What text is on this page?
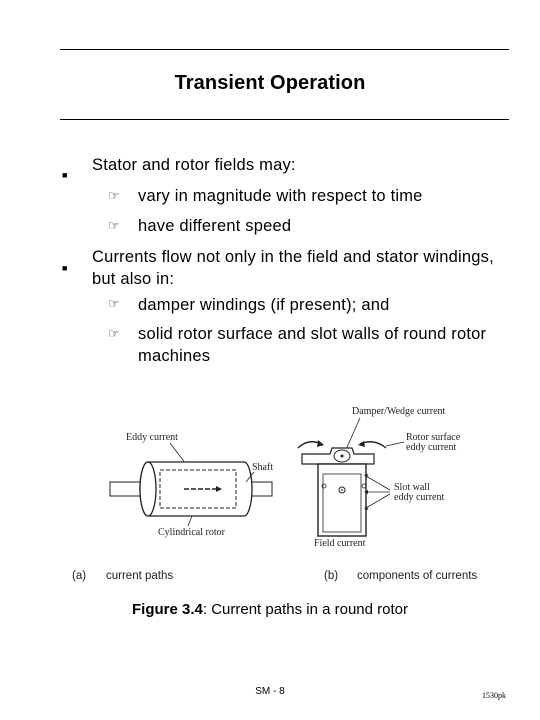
Transient Operation
■
Stator and rotor fields may:
☞ vary in magnitude with respect to time
☞ have different speed
■
Currents flow not only in the field and stator windings, but also in:
☞ damper windings (if present); and
☞ solid rotor surface and slot walls of round rotor machines
Eddy current
Shaft
Cylindrical rotor
Damper/Wedge current
Rotor surface
eddy current
Slot wall
eddy current
Field current
(a) current paths	(b) components of currents
Figure 3.4: Current paths in a round rotor
SM - 8	1530pk
